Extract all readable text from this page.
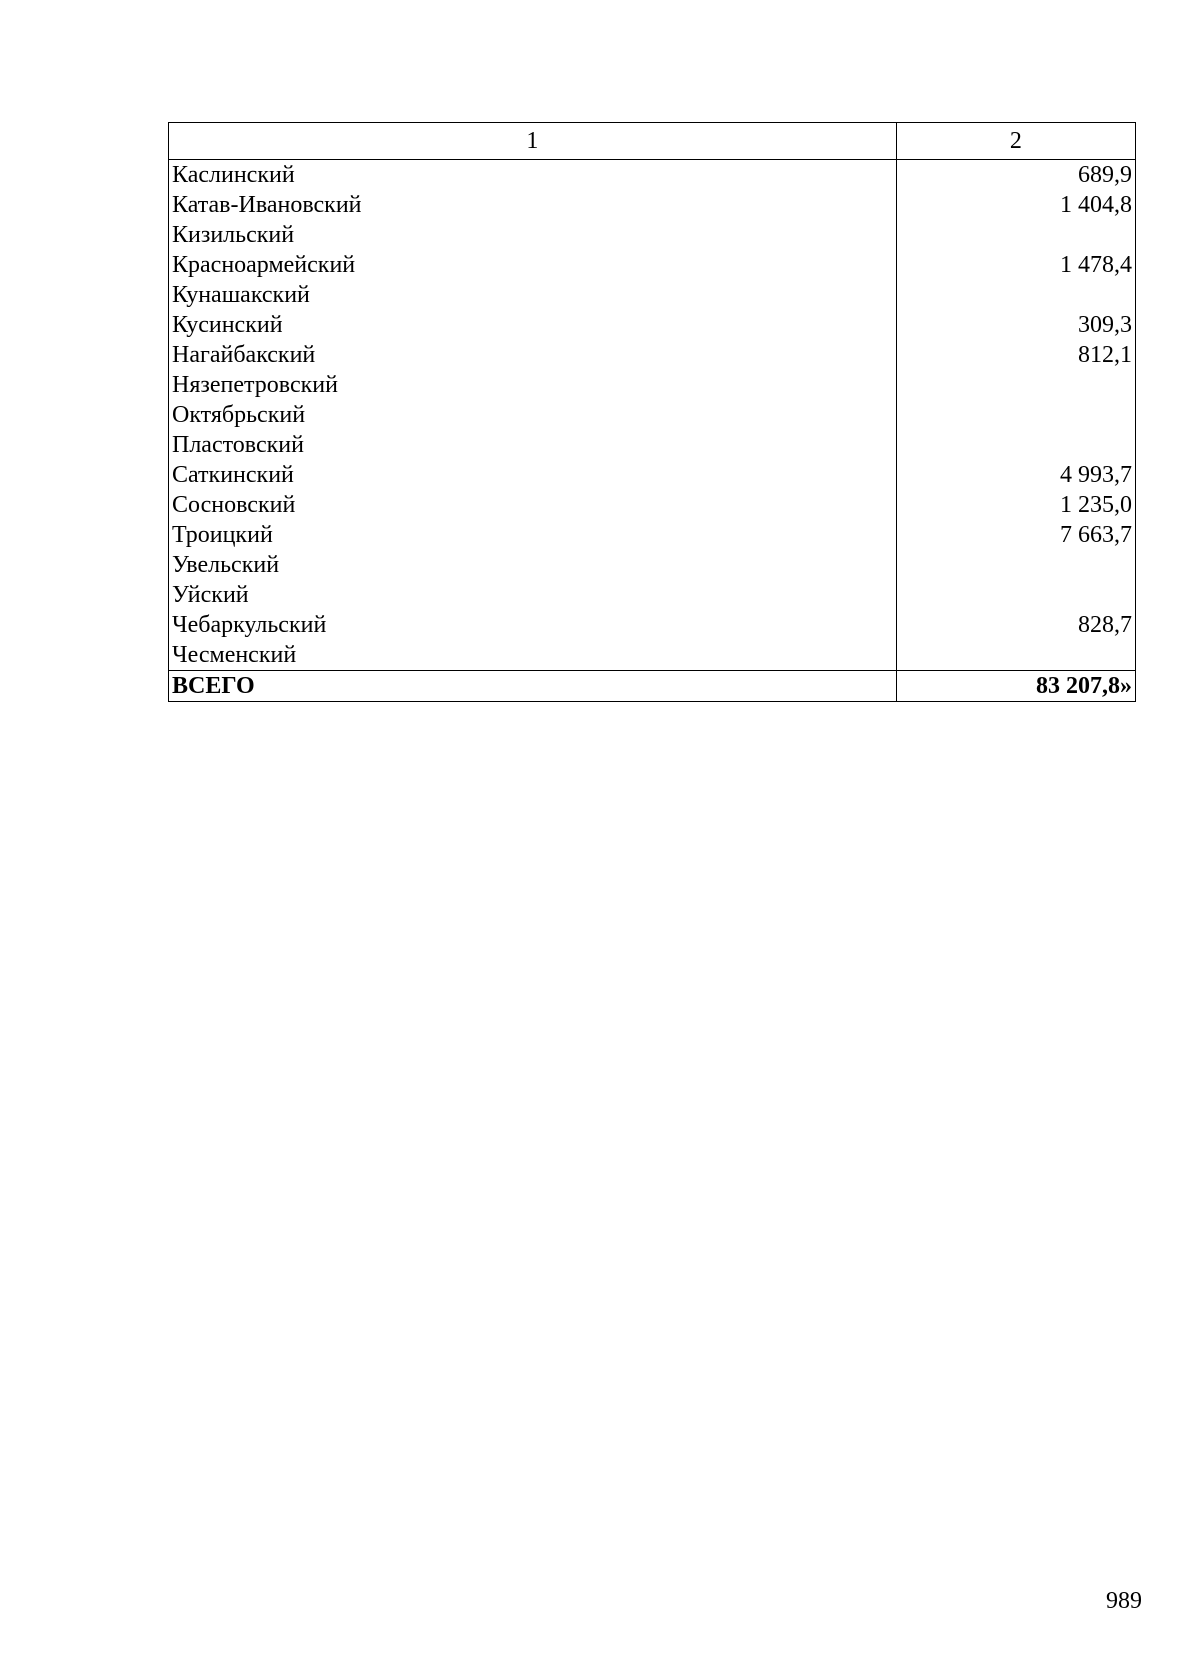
1	2
Каслинский	689,9
Катав-Ивановский	1 404,8
Кизильский	
Красноармейский	1 478,4
Кунашакский	
Кусинский	309,3
Нагайбакский	812,1
Нязепетровский	
Октябрьский	
Пластовский	
Саткинский	4 993,7
Сосновский	1 235,0
Троицкий	7 663,7
Увельский	
Уйский	
Чебаркульский	828,7
Чесменский	
ВСЕГО	83 207,8»
989
